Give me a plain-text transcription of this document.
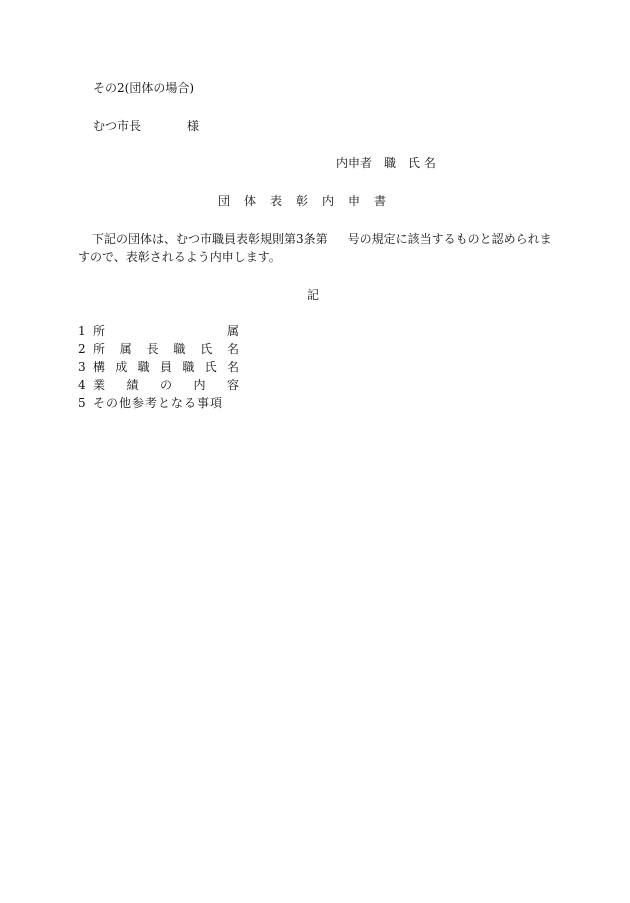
その2(団体の場合)
むつ市長	様
内申者 職 氏名
団体表彰内申書
下記の団体は、むつ市職員表彰規則第3条第 号の規定に該当するものと認められますので、表彰されるよう内申します。
記
1 所 属
2 所 属 長 職 氏 名
3 構 成 職 員 職 氏 名
4 業 績 の 内 容
5 その他参考となる事項
